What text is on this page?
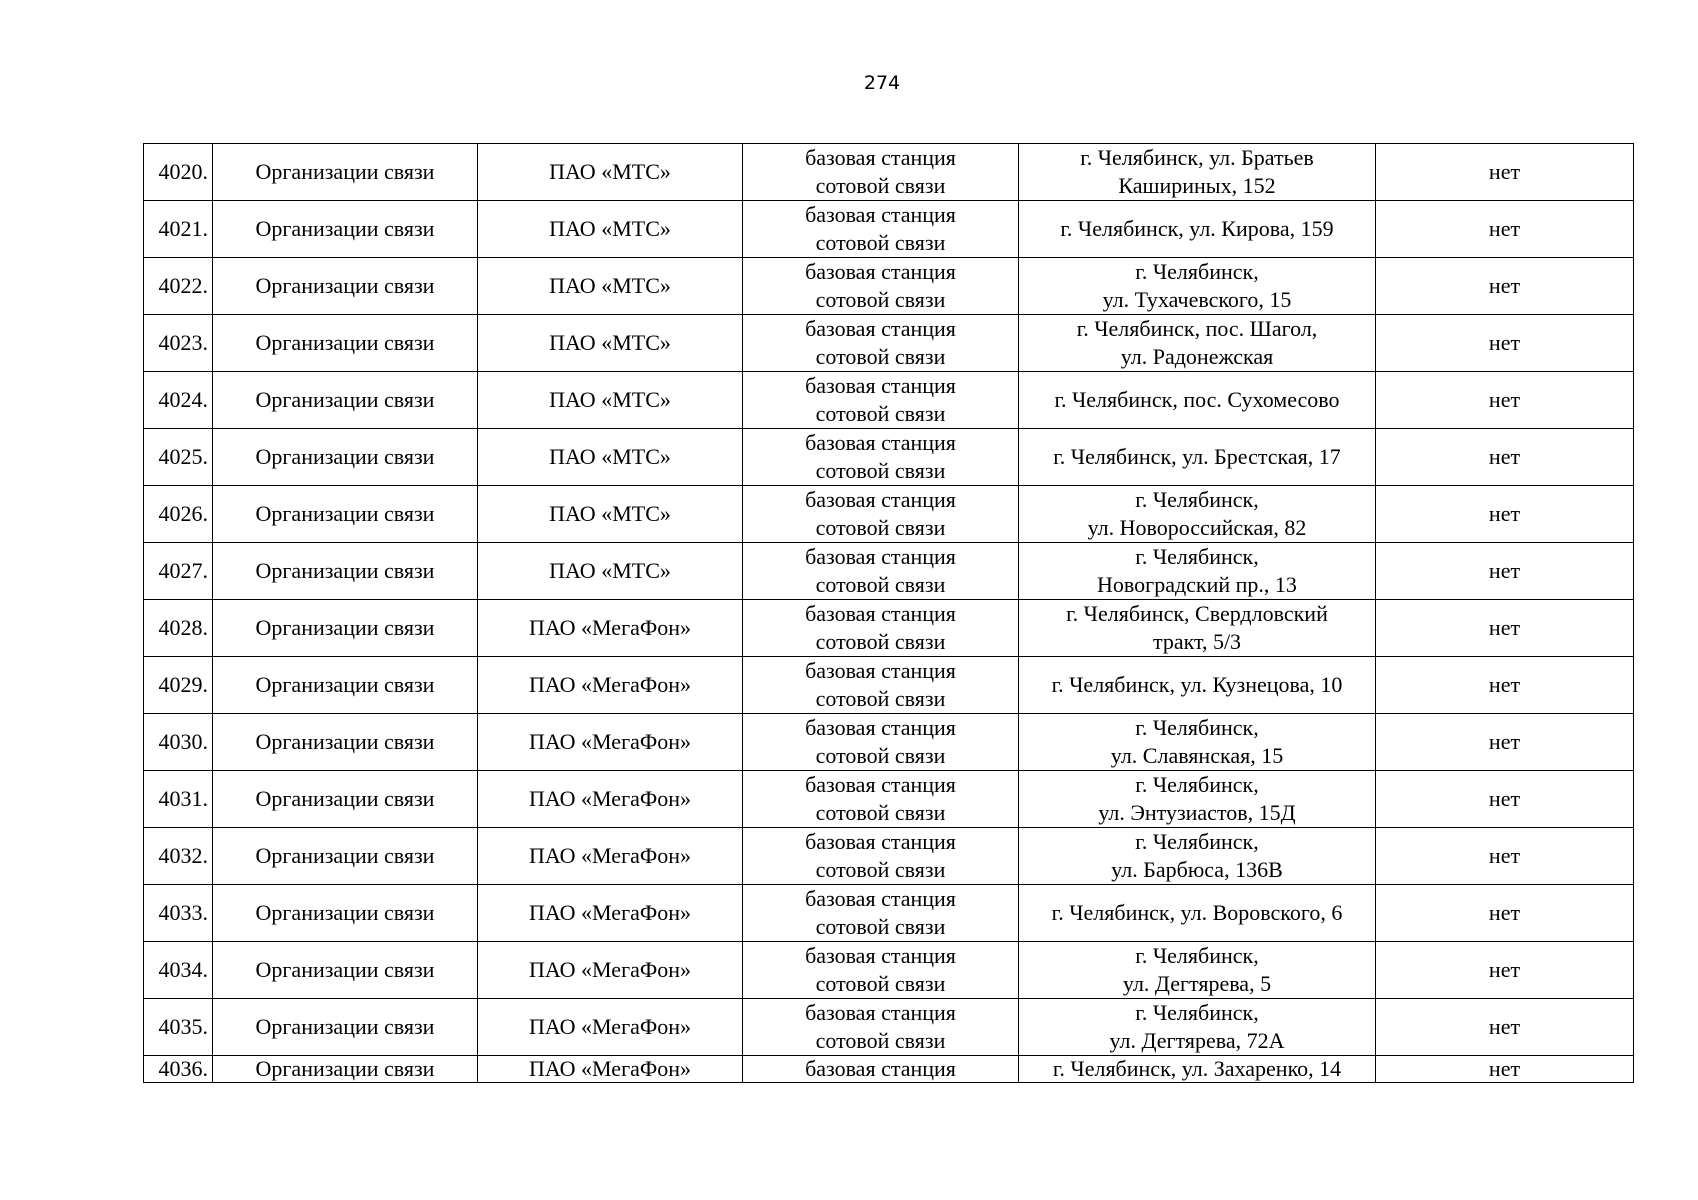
274
4020.	Организации связи	ПАО «МТС»	базовая станция
сотовой связи	г. Челябинск, ул. Братьев
Кашириных, 152	нет
4021.	Организации связи	ПАО «МТС»	базовая станция
сотовой связи	г. Челябинск, ул. Кирова, 159	нет
4022.	Организации связи	ПАО «МТС»	базовая станция
сотовой связи	г. Челябинск,
ул. Тухачевского, 15	нет
4023.	Организации связи	ПАО «МТС»	базовая станция
сотовой связи	г. Челябинск, пос. Шагол,
ул. Радонежская	нет
4024.	Организации связи	ПАО «МТС»	базовая станция
сотовой связи	г. Челябинск, пос. Сухомесово	нет
4025.	Организации связи	ПАО «МТС»	базовая станция
сотовой связи	г. Челябинск, ул. Брестская, 17	нет
4026.	Организации связи	ПАО «МТС»	базовая станция
сотовой связи	г. Челябинск,
ул. Новороссийская, 82	нет
4027.	Организации связи	ПАО «МТС»	базовая станция
сотовой связи	г. Челябинск,
Новоградский пр., 13	нет
4028.	Организации связи	ПАО «МегаФон»	базовая станция
сотовой связи	г. Челябинск, Свердловский
тракт, 5/3	нет
4029.	Организации связи	ПАО «МегаФон»	базовая станция
сотовой связи	г. Челябинск, ул. Кузнецова, 10	нет
4030.	Организации связи	ПАО «МегаФон»	базовая станция
сотовой связи	г. Челябинск,
ул. Славянская, 15	нет
4031.	Организации связи	ПАО «МегаФон»	базовая станция
сотовой связи	г. Челябинск,
ул. Энтузиастов, 15Д	нет
4032.	Организации связи	ПАО «МегаФон»	базовая станция
сотовой связи	г. Челябинск,
ул. Барбюса, 136В	нет
4033.	Организации связи	ПАО «МегаФон»	базовая станция
сотовой связи	г. Челябинск, ул. Воровского, 6	нет
4034.	Организации связи	ПАО «МегаФон»	базовая станция
сотовой связи	г. Челябинск,
ул. Дегтярева, 5	нет
4035.	Организации связи	ПАО «МегаФон»	базовая станция
сотовой связи	г. Челябинск,
ул. Дегтярева, 72А	нет
4036.	Организации связи	ПАО «МегаФон»	базовая станция	г. Челябинск, ул. Захаренко, 14	нет
